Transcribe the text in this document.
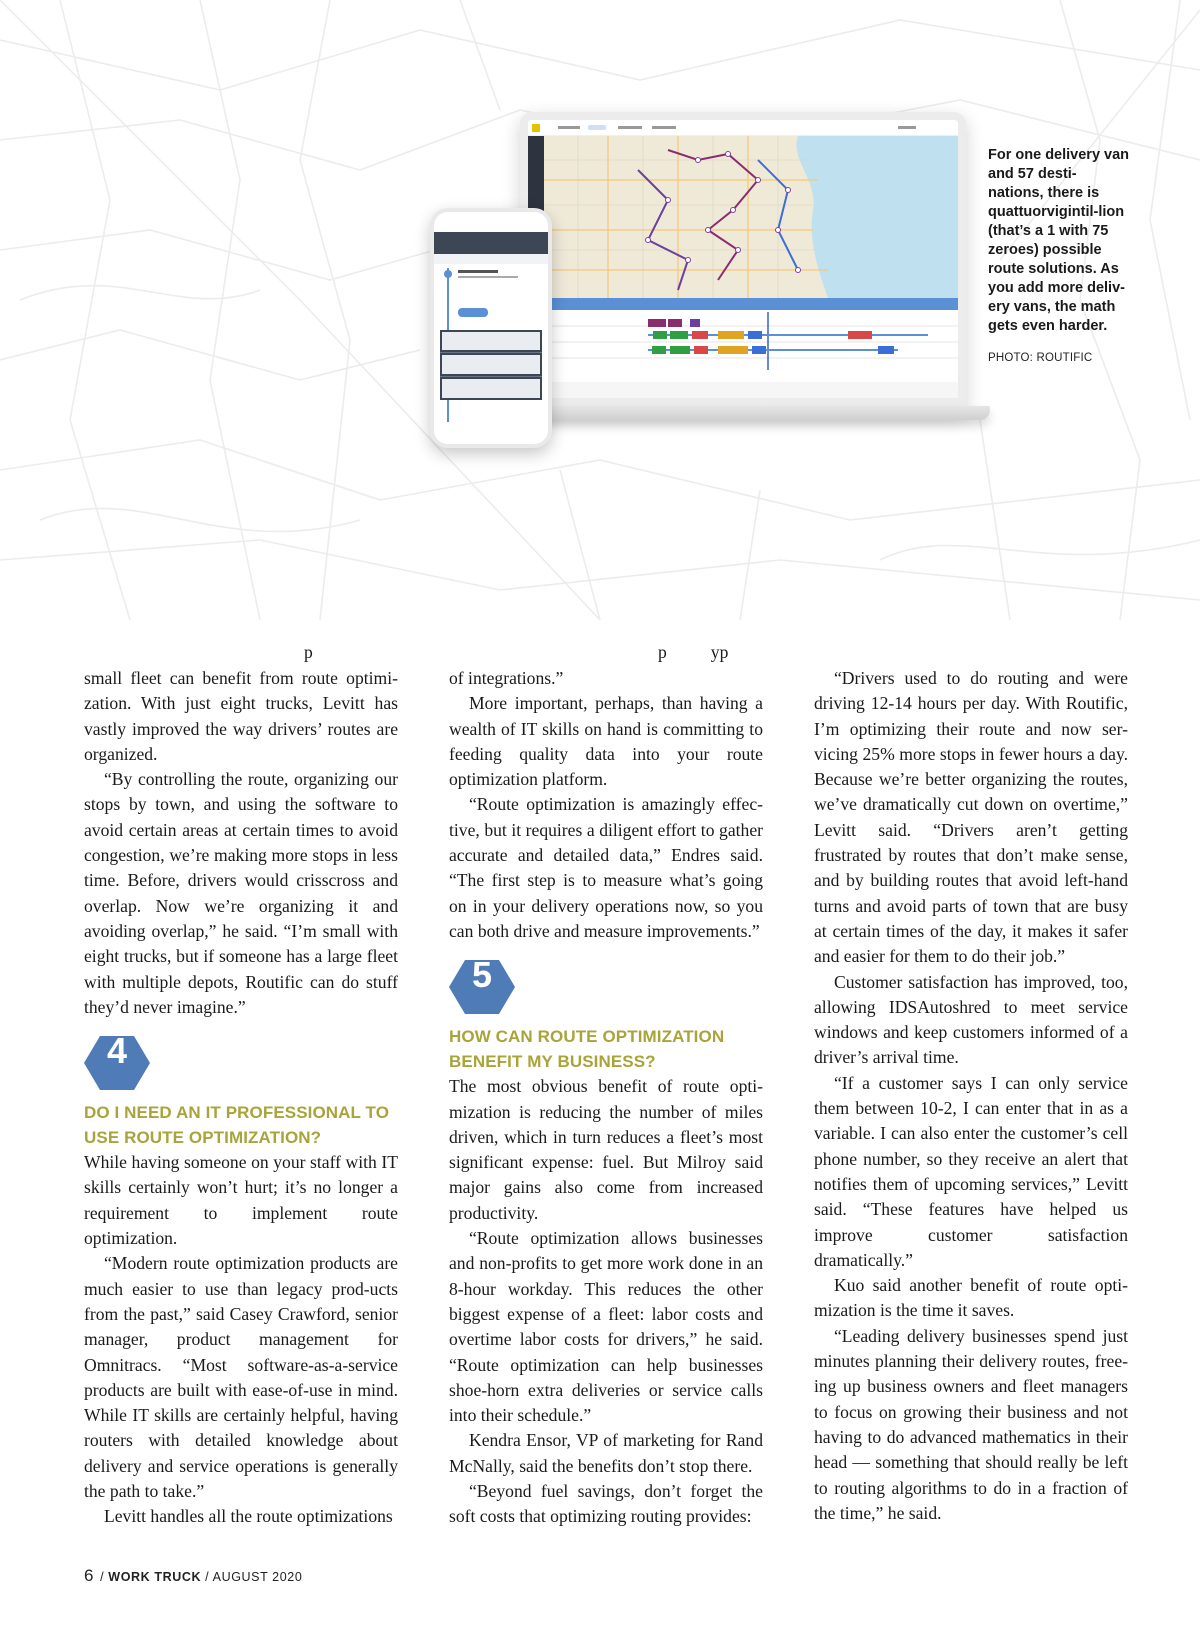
For one delivery van and 57 desti-nations, there is quattuorvigintil-lion (that’s a 1 with 75 zeroes) possible route solutions. As you add more deliv-ery vans, the math gets even harder.
PHOTO: ROUTIFIC
p	p          yp

small fleet can benefit from route optimi-zation. With just eight trucks, Levitt has vastly improved the way drivers’ routes are organized.

“By controlling the route, organizing our stops by town, and using the software to avoid certain areas at certain times to avoid congestion, we’re making more stops in less time. Before, drivers would crisscross and overlap. Now we’re organizing it and avoiding overlap,” he said. “I’m small with eight trucks, but if someone has a large fleet with multiple depots, Routific can do stuff they’d never imagine.”

4
DO I NEED AN IT PROFESSIONAL TO USE ROUTE OPTIMIZATION?

While having someone on your staff with IT skills certainly won’t hurt; it’s no longer a requirement to implement route optimization.

“Modern route optimization products are much easier to use than legacy prod-ucts from the past,” said Casey Crawford, senior manager, product management for Omnitracs. “Most software-as-a-service products are built with ease-of-use in mind. While IT skills are certainly helpful, having routers with detailed knowledge about delivery and service operations is generally the path to take.”

Levitt handles all the route optimizations

of integrations.”

More important, perhaps, than having a wealth of IT skills on hand is committing to feeding quality data into your route optimization platform.

“Route optimization is amazingly effec-tive, but it requires a diligent effort to gather accurate and detailed data,” Endres said. “The first step is to measure what’s going on in your delivery operations now, so you can both drive and measure improvements.”

5
HOW CAN ROUTE OPTIMIZATION BENEFIT MY BUSINESS?

The most obvious benefit of route opti-mization is reducing the number of miles driven, which in turn reduces a fleet’s most significant expense: fuel. But Milroy said major gains also come from increased productivity.

“Route optimization allows businesses and non-profits to get more work done in an 8-hour workday. This reduces the other biggest expense of a fleet: labor costs and overtime labor costs for drivers,” he said. “Route optimization can help businesses shoe-horn extra deliveries or service calls into their schedule.”

Kendra Ensor, VP of marketing for Rand McNally, said the benefits don’t stop there.

“Beyond fuel savings, don’t forget the soft costs that optimizing routing provides:

“Drivers used to do routing and were driving 12-14 hours per day. With Routific, I’m optimizing their route and now ser-vicing 25% more stops in fewer hours a day. Because we’re better organizing the routes, we’ve dramatically cut down on overtime,” Levitt said. “Drivers aren’t getting frustrated by routes that don’t make sense, and by building routes that avoid left-hand turns and avoid parts of town that are busy at certain times of the day, it makes it safer and easier for them to do their job.”

Customer satisfaction has improved, too, allowing IDSAutoshred to meet service windows and keep customers informed of a driver’s arrival time.

“If a customer says I can only service them between 10-2, I can enter that in as a variable. I can also enter the customer’s cell phone number, so they receive an alert that notifies them of upcoming services,” Levitt said. “These features have helped us improve customer satisfaction dramatically.”

Kuo said another benefit of route opti-mization is the time it saves.

“Leading delivery businesses spend just minutes planning their delivery routes, free-ing up business owners and fleet managers to focus on growing their business and not having to do advanced mathematics in their head — something that should really be left to routing algorithms to do in a fraction of the time,” he said.

6 / WORK TRUCK / AUGUST 2020
